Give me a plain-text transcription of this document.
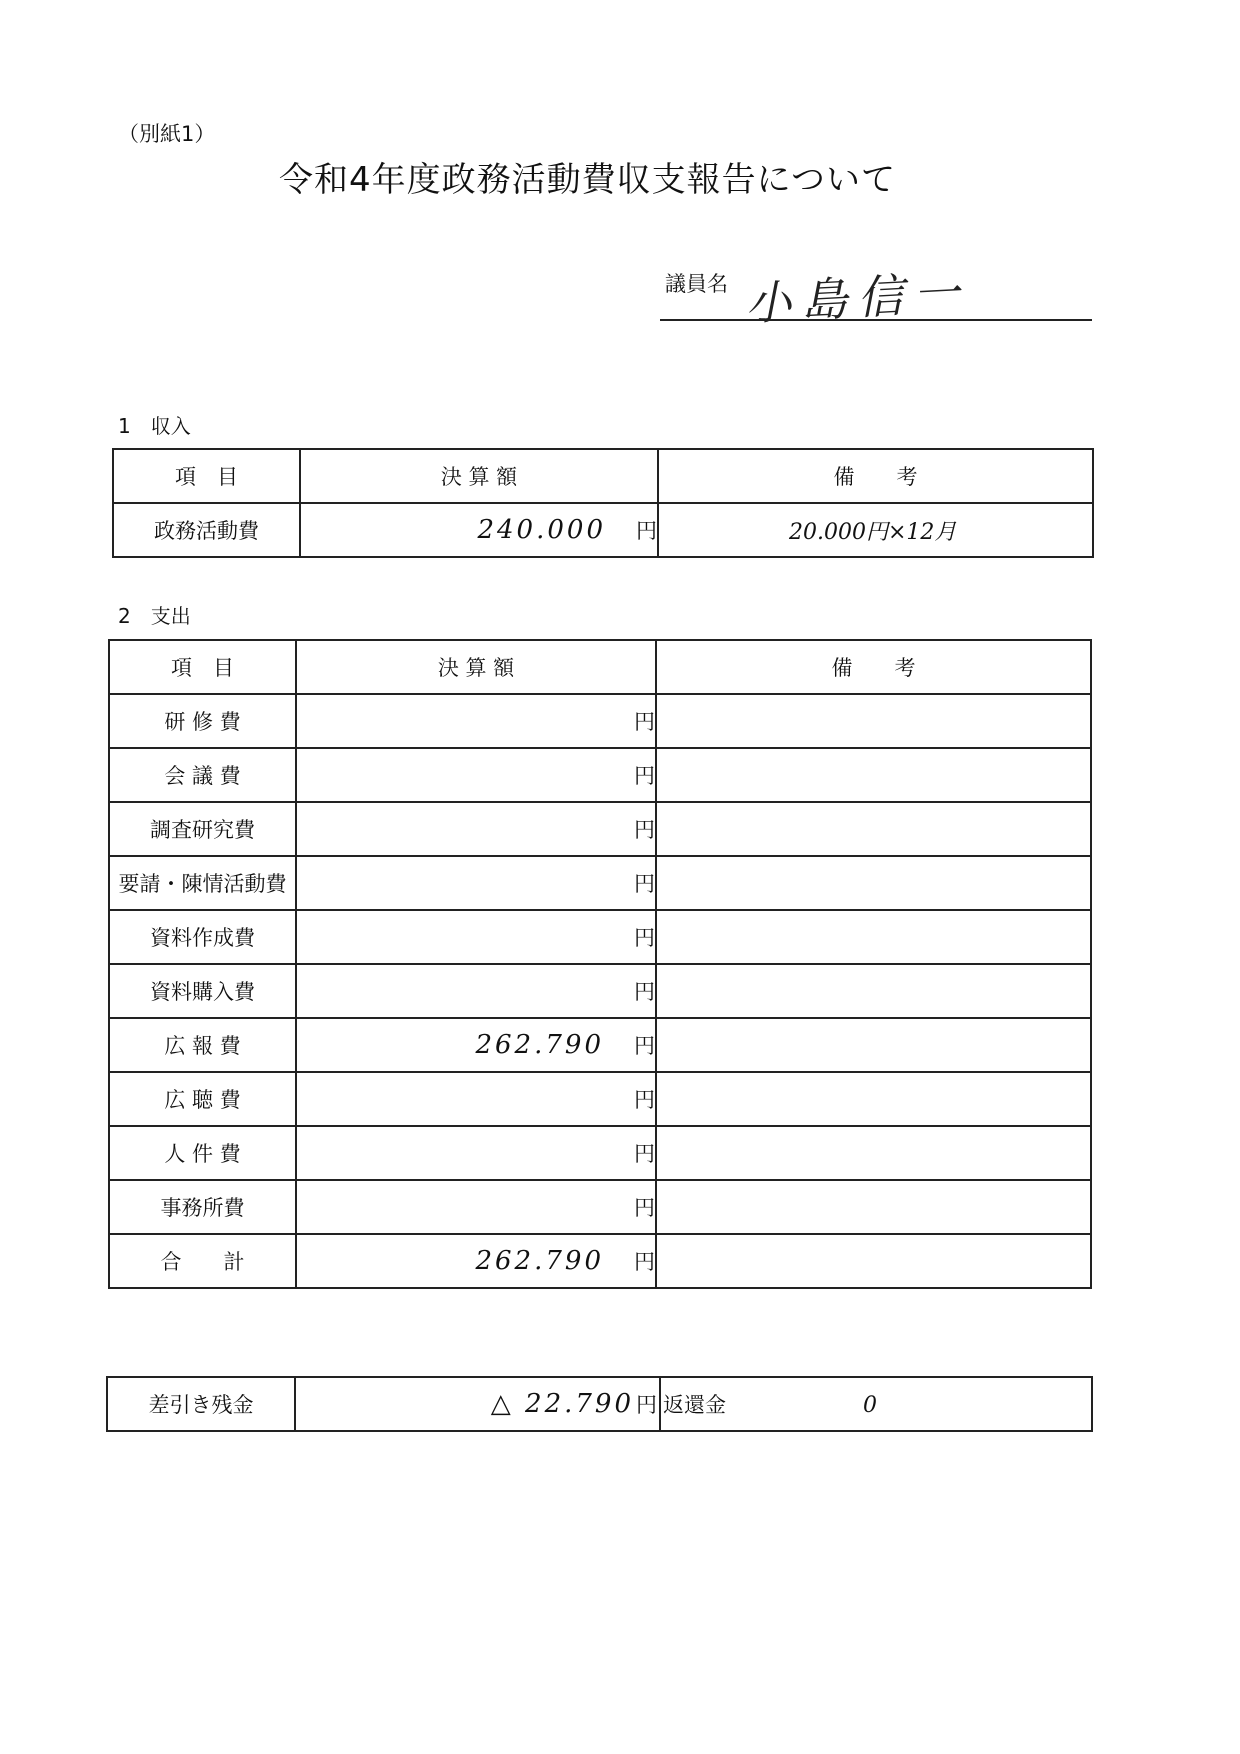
（別紙1）
令和4年度政務活動費収支報告について
議員名 小島信一
1　収入
項　目	決 算 額	備　　考
政務活動費	240.000 円	20.000円×12月
2　支出
項　目	決 算 額	備　　考
研 修 費	円	
会 議 費	円	
調査研究費	円	
要請・陳情活動費	円	
資料作成費	円	
資料購入費	円	
広 報 費	262.790 円	
広 聴 費	円	
人 件 費	円	
事務所費	円	
合　　計	262.790 円	
差引き残金	△ 22.790円	返還金	0
